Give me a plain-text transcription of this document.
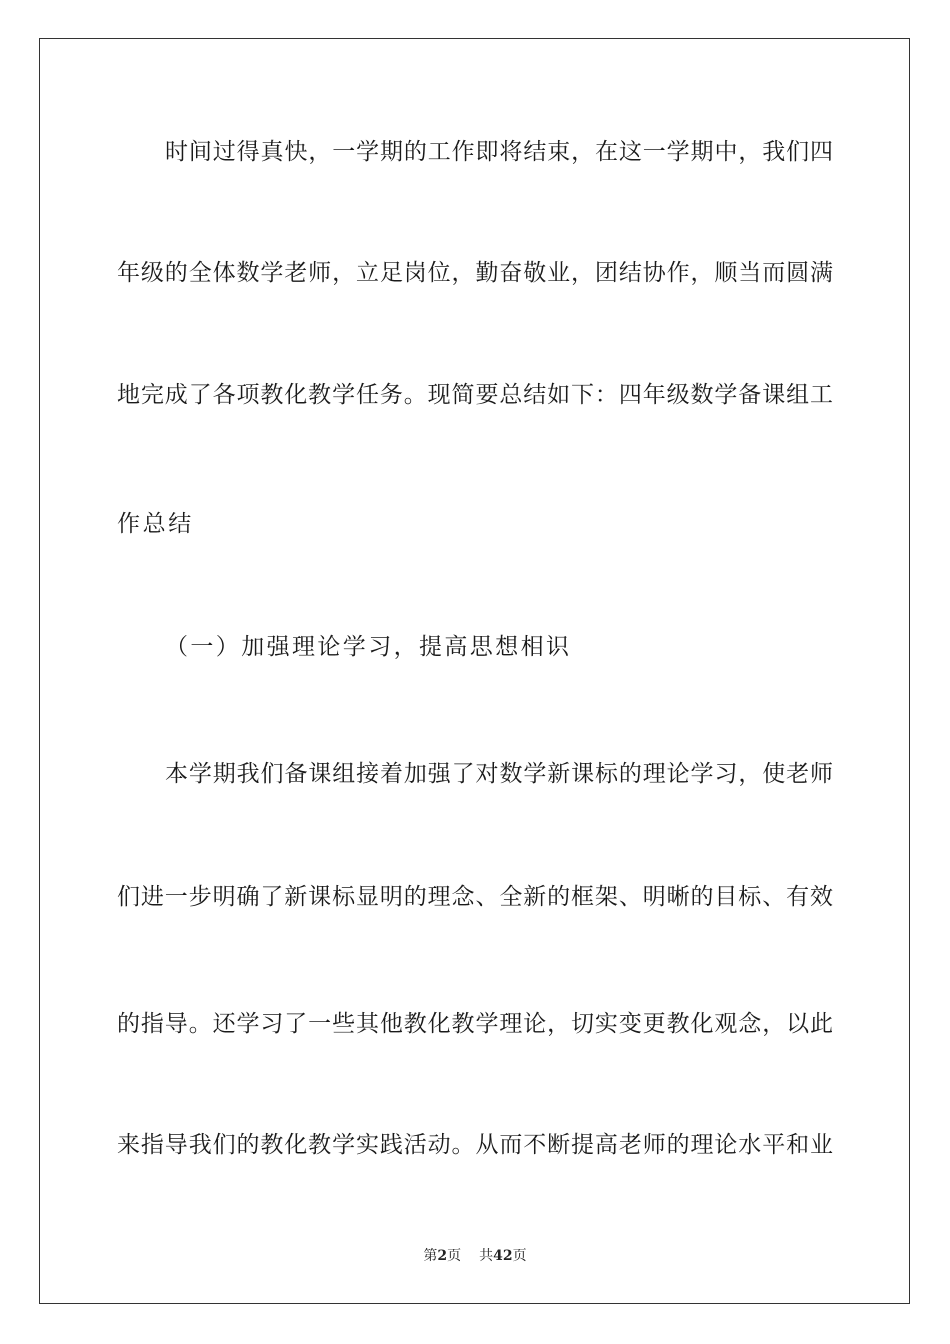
时间过得真快，一学期的工作即将结束，在这一学期中，我们四
年级的全体数学老师，立足岗位，勤奋敬业，团结协作，顺当而圆满
地完成了各项教化教学任务。现简要总结如下：四年级数学备课组工
作总结
（一）加强理论学习，提高思想相识
本学期我们备课组接着加强了对数学新课标的理论学习，使老师
们进一步明确了新课标显明的理念、全新的框架、明晰的目标、有效
的指导。还学习了一些其他教化教学理论，切实变更教化观念，以此
来指导我们的教化教学实践活动。从而不断提高老师的理论水平和业
第2页 共42页
